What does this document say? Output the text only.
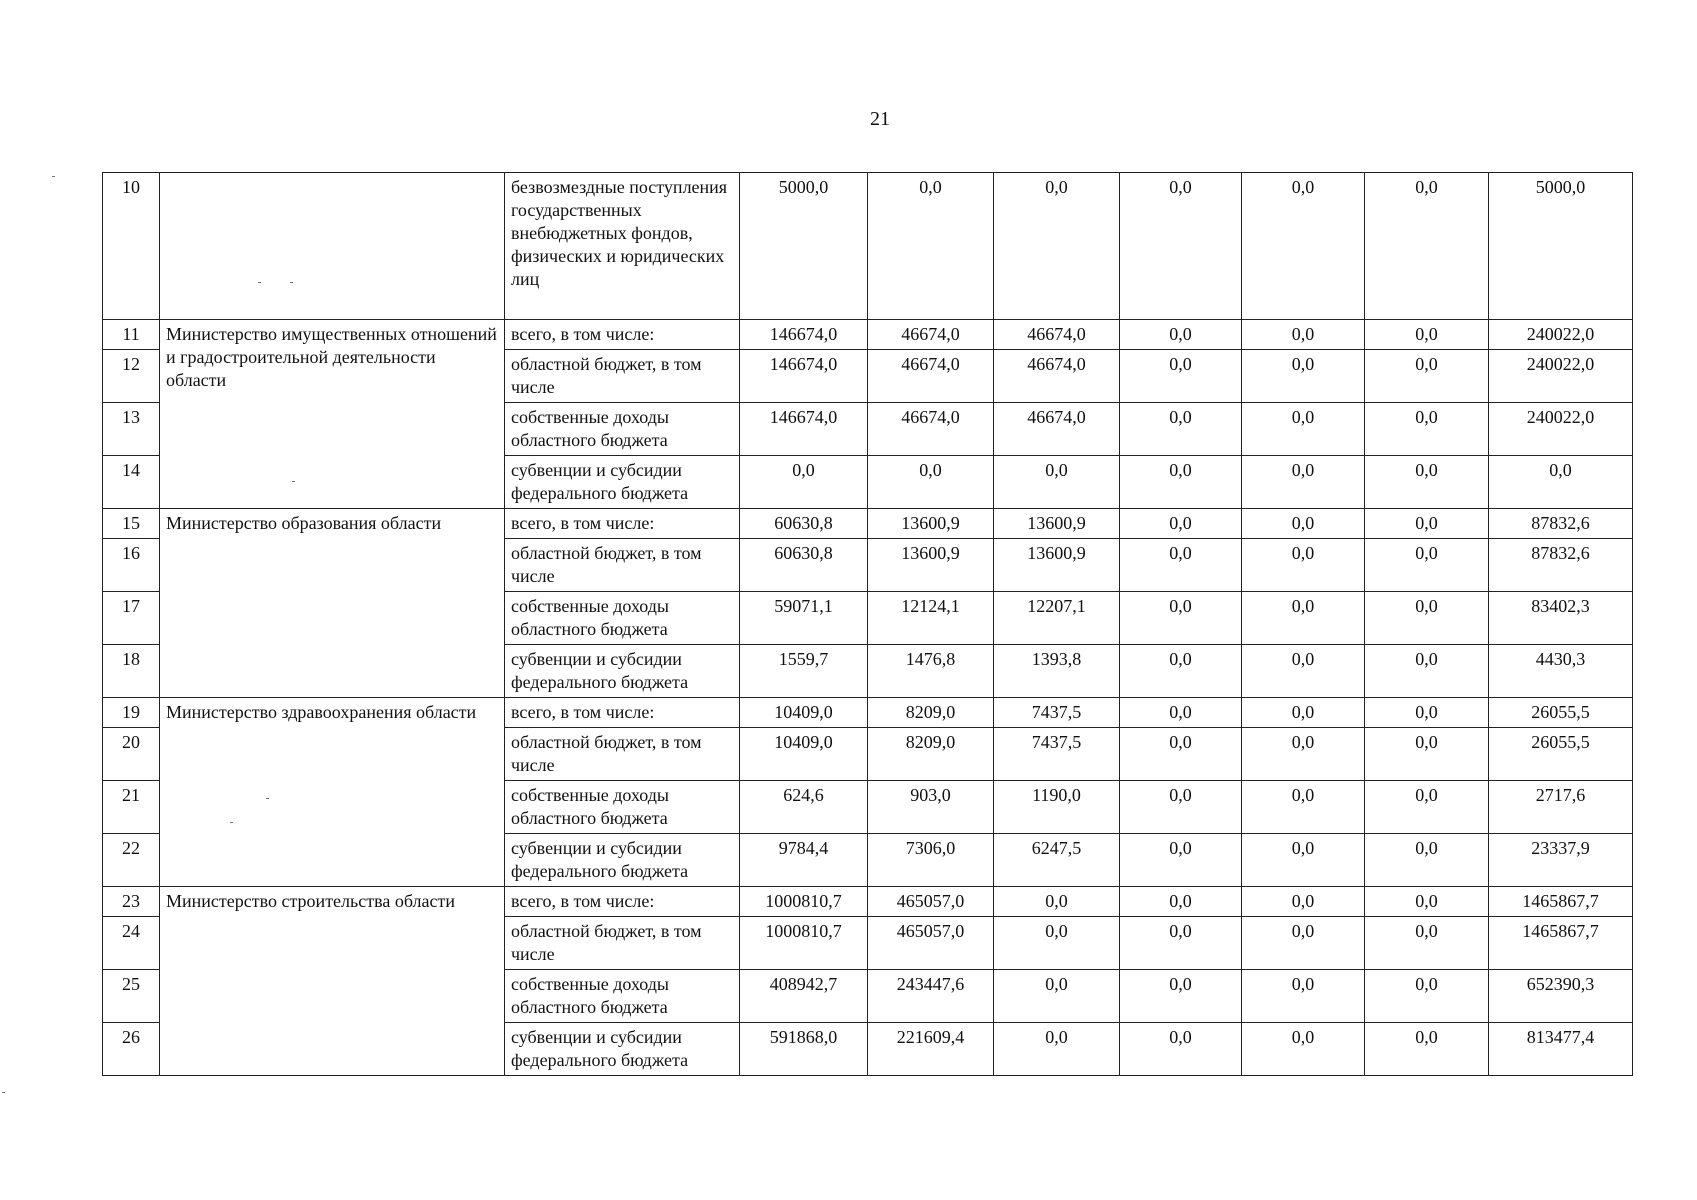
21
10		безвозмездные поступления государственных внебюджетных фондов, физических и юридических лиц	5000,0	0,0	0,0	0,0	0,0	0,0	5000,0
11	Министерство имущественных отношений и градостроительной деятельности области	всего, в том числе:	146674,0	46674,0	46674,0	0,0	0,0	0,0	240022,0
12		областной бюджет, в том числе	146674,0	46674,0	46674,0	0,0	0,0	0,0	240022,0
13		собственные доходы областного бюджета	146674,0	46674,0	46674,0	0,0	0,0	0,0	240022,0
14		субвенции и субсидии федерального бюджета	0,0	0,0	0,0	0,0	0,0	0,0	0,0
15	Министерство образования области	всего, в том числе:	60630,8	13600,9	13600,9	0,0	0,0	0,0	87832,6
16		областной бюджет, в том числе	60630,8	13600,9	13600,9	0,0	0,0	0,0	87832,6
17		собственные доходы областного бюджета	59071,1	12124,1	12207,1	0,0	0,0	0,0	83402,3
18		субвенции и субсидии федерального бюджета	1559,7	1476,8	1393,8	0,0	0,0	0,0	4430,3
19	Министерство здравоохранения области	всего, в том числе:	10409,0	8209,0	7437,5	0,0	0,0	0,0	26055,5
20		областной бюджет, в том числе	10409,0	8209,0	7437,5	0,0	0,0	0,0	26055,5
21		собственные доходы областного бюджета	624,6	903,0	1190,0	0,0	0,0	0,0	2717,6
22		субвенции и субсидии федерального бюджета	9784,4	7306,0	6247,5	0,0	0,0	0,0	23337,9
23	Министерство строительства области	всего, в том числе:	1000810,7	465057,0	0,0	0,0	0,0	0,0	1465867,7
24		областной бюджет, в том числе	1000810,7	465057,0	0,0	0,0	0,0	0,0	1465867,7
25		собственные доходы областного бюджета	408942,7	243447,6	0,0	0,0	0,0	0,0	652390,3
26		субвенции и субсидии федерального бюджета	591868,0	221609,4	0,0	0,0	0,0	0,0	813477,4
